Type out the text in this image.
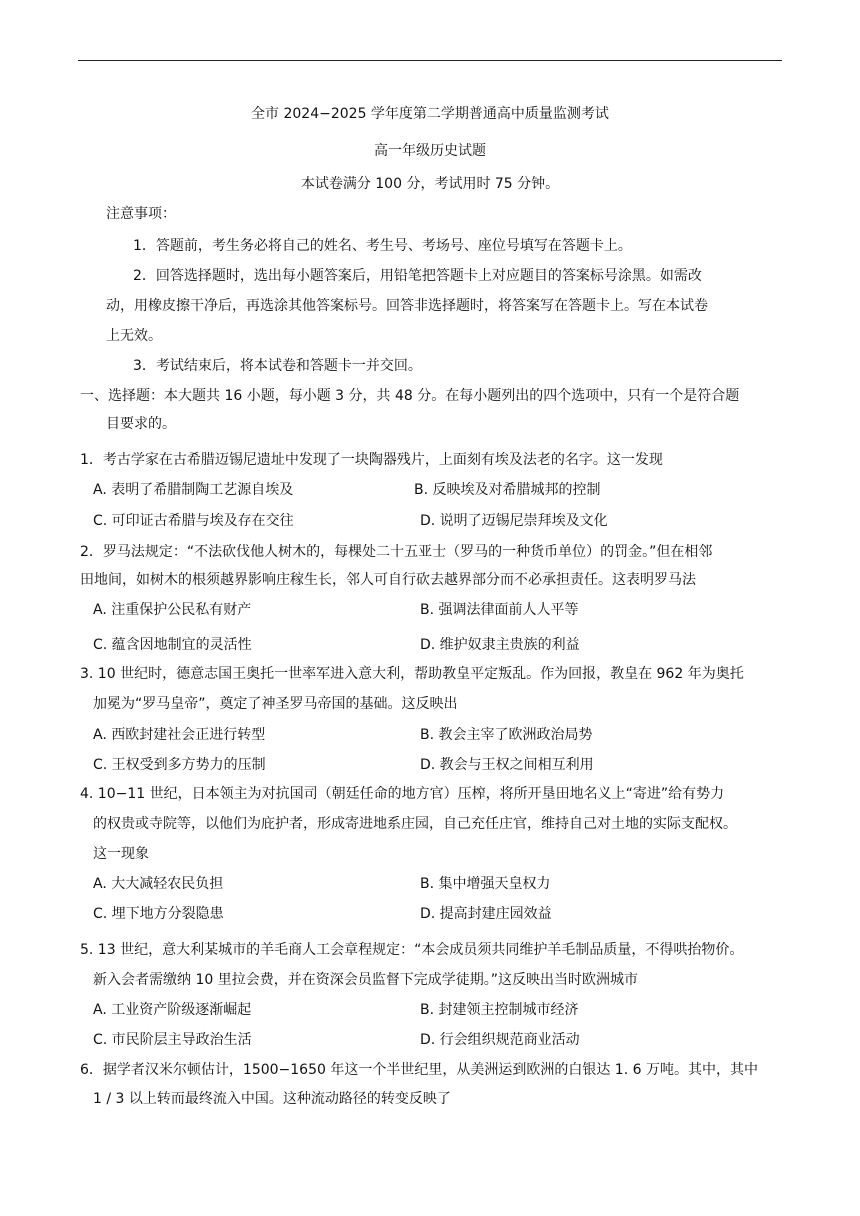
全市 2024−2025 学年度第二学期普通高中质量监测考试
高一年级历史试题
本试卷满分 100 分，考试用时 75 分钟。
注意事项：
1．答题前，考生务必将自己的姓名、考生号、考场号、座位号填写在答题卡上。
2．回答选择题时，选出每小题答案后，用铅笔把答题卡上对应题目的答案标号涂黑。如需改
动，用橡皮擦干净后，再选涂其他答案标号。回答非选择题时，将答案写在答题卡上。写在本试卷
上无效。
3．考试结束后，将本试卷和答题卡一并交回。
一、选择题：本大题共 16 小题，每小题 3 分，共 48 分。在每小题列出的四个选项中，只有一个是符合题
目要求的。
1．考古学家在古希腊迈锡尼遗址中发现了一块陶器残片，上面刻有埃及法老的名字。这一发现
A. 表明了希腊制陶工艺源自埃及	B. 反映埃及对希腊城邦的控制
C. 可印证古希腊与埃及存在交往	D. 说明了迈锡尼崇拜埃及文化
2．罗马法规定：“不法砍伐他人树木的，每棵处二十五亚士（罗马的一种货币单位）的罚金。”但在相邻
田地间，如树木的根须越界影响庄稼生长，邻人可自行砍去越界部分而不必承担责任。这表明罗马法
A. 注重保护公民私有财产	B. 强调法律面前人人平等
C. 蕴含因地制宜的灵活性	D. 维护奴隶主贵族的利益
3. 10 世纪时，德意志国王奥托一世率军进入意大利，帮助教皇平定叛乱。作为回报，教皇在 962 年为奥托
加冕为“罗马皇帝”，奠定了神圣罗马帝国的基础。这反映出
A. 西欧封建社会正进行转型	B. 教会主宰了欧洲政治局势
C. 王权受到多方势力的压制	D. 教会与王权之间相互利用
4. 10−11 世纪，日本领主为对抗国司（朝廷任命的地方官）压榨，将所开垦田地名义上“寄进”给有势力
的权贵或寺院等，以他们为庇护者，形成寄进地系庄园，自己充任庄官，维持自己对土地的实际支配权。
这一现象
A. 大大减轻农民负担	B. 集中增强天皇权力
C. 埋下地方分裂隐患	D. 提高封建庄园效益
5. 13 世纪，意大利某城市的羊毛商人工会章程规定：“本会成员须共同维护羊毛制品质量，不得哄抬物价。
新入会者需缴纳 10 里拉会费，并在资深会员监督下完成学徒期。”这反映出当时欧洲城市
A. 工业资产阶级逐渐崛起	B. 封建领主控制城市经济
C. 市民阶层主导政治生活	D. 行会组织规范商业活动
6．据学者汉米尔顿估计，1500−1650 年这一个半世纪里，从美洲运到欧洲的白银达 1. 6 万吨。其中，其中
1 / 3 以上转而最终流入中国。这种流动路径的转变反映了
